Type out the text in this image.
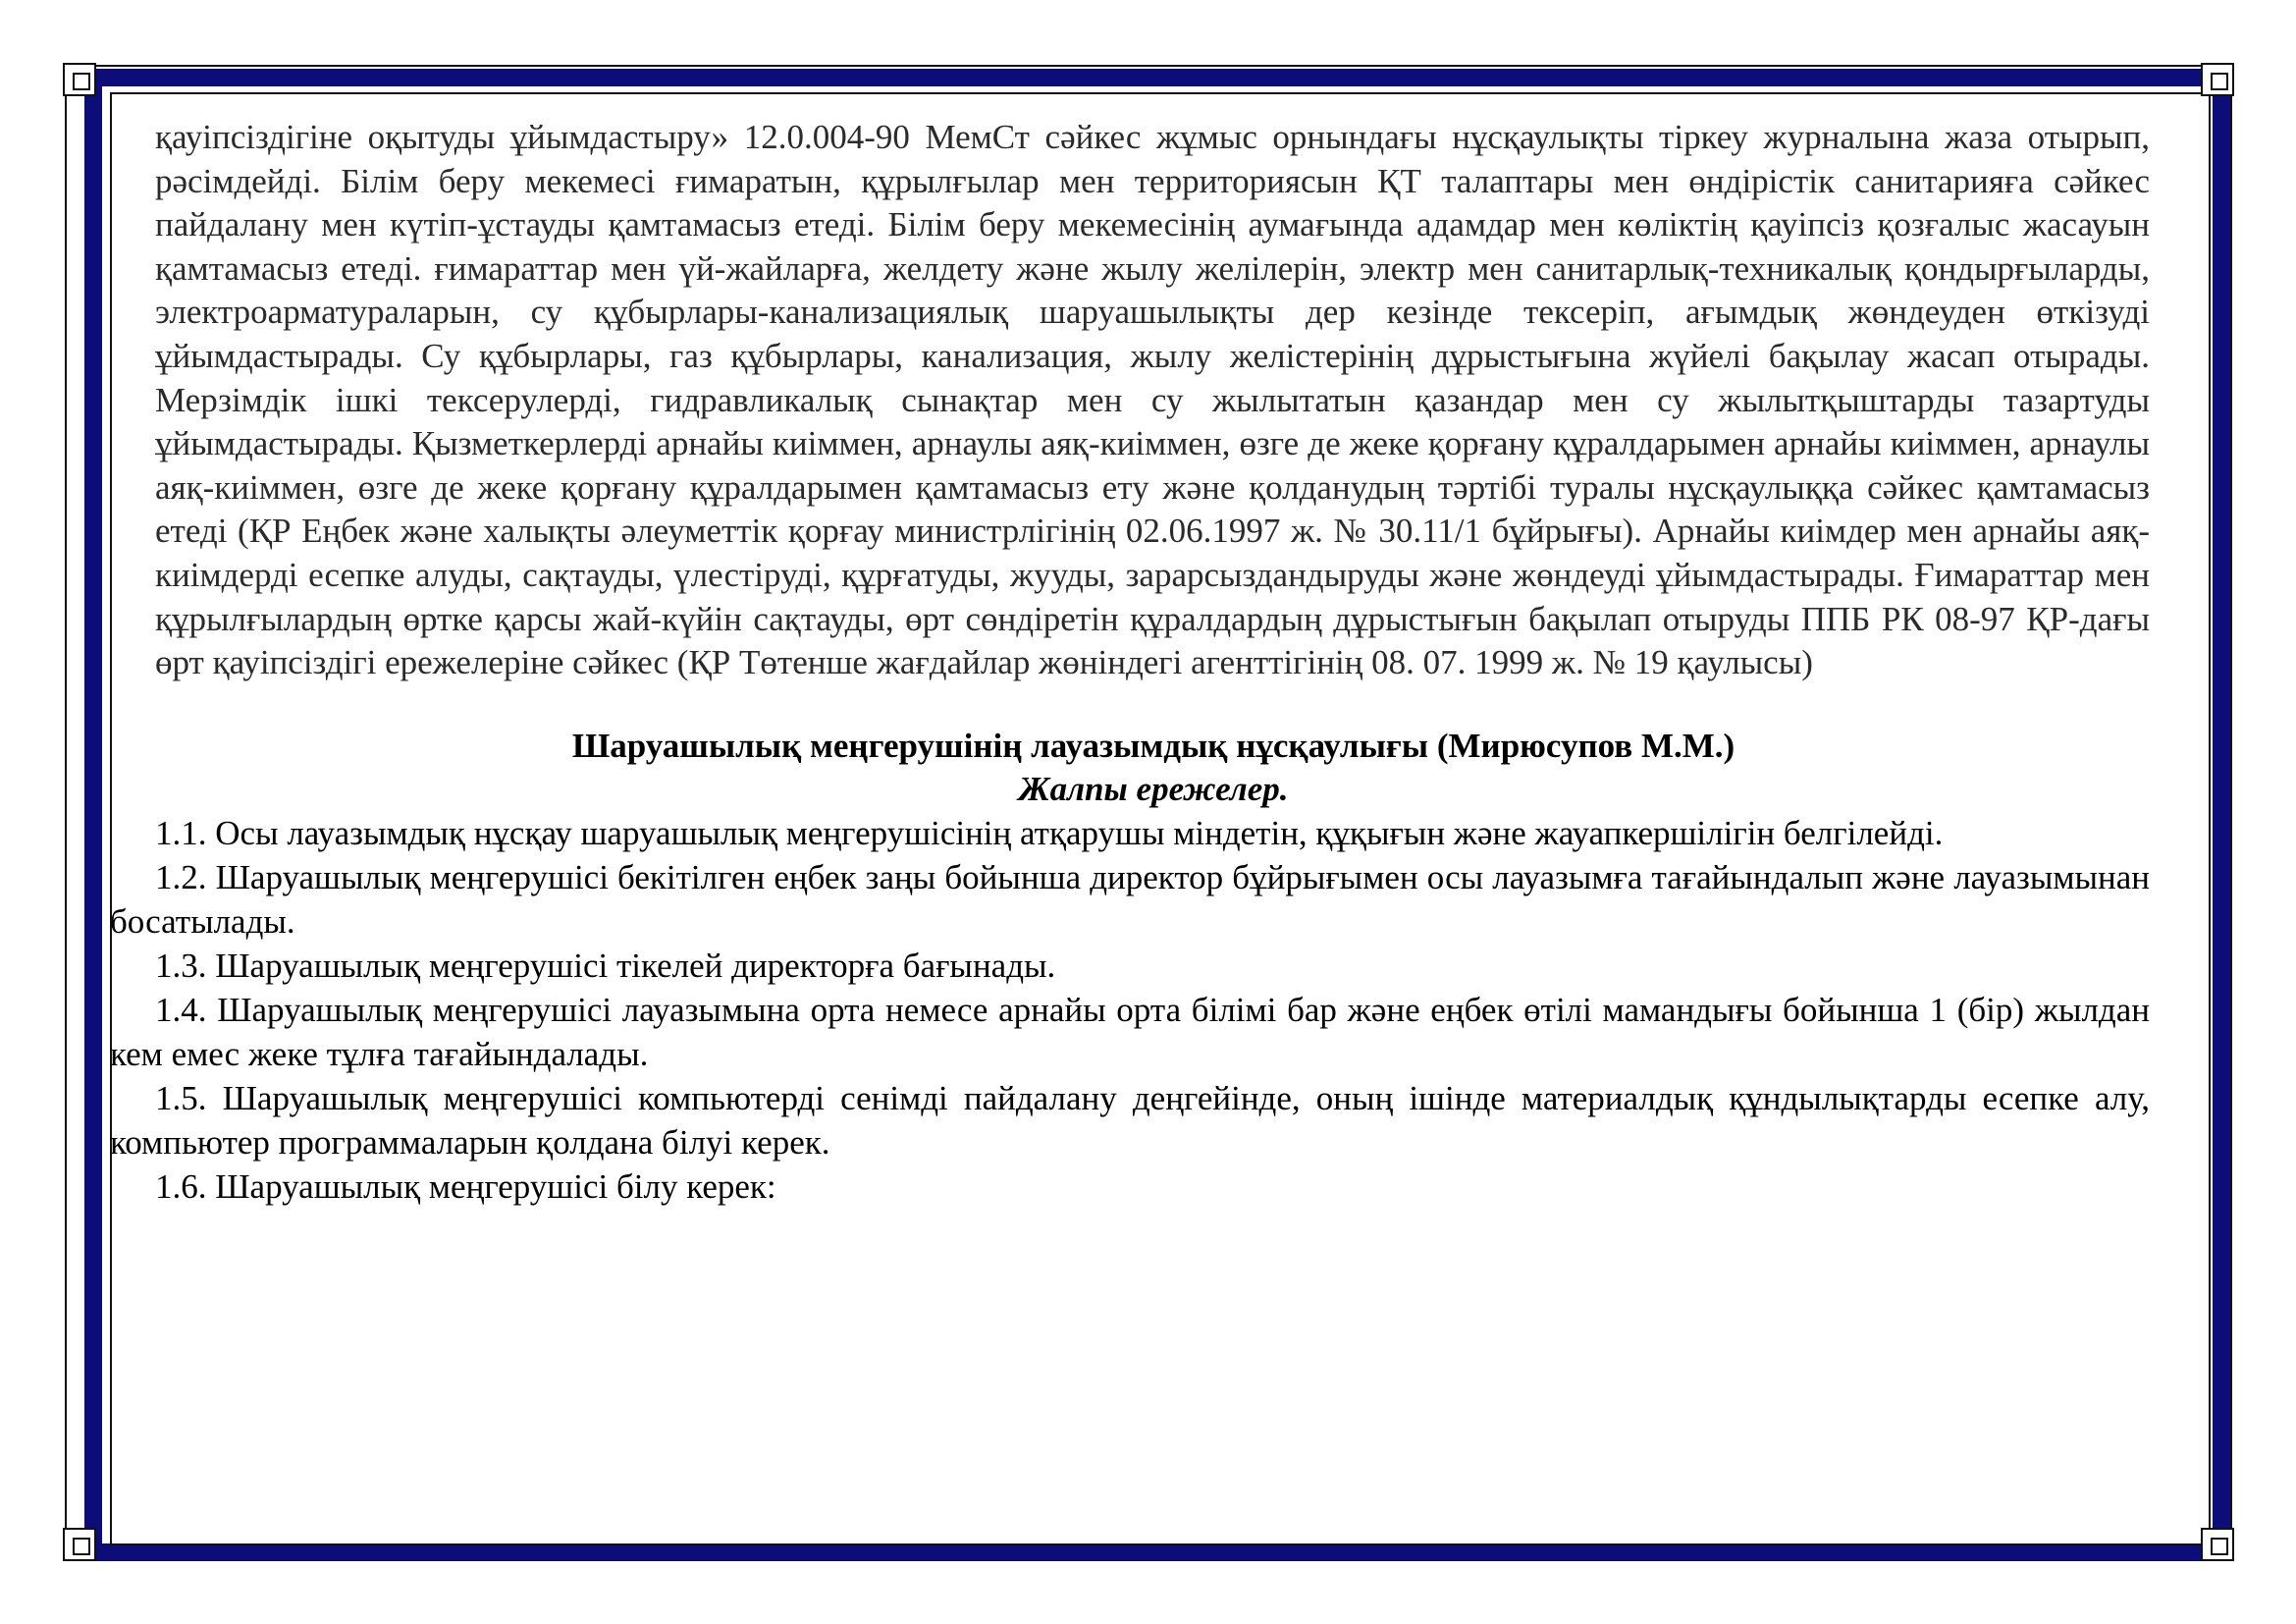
қауіпсіздігіне оқытуды ұйымдастыру» 12.0.004-90 МемСт сәйкес жұмыс орнындағы нұсқаулықты тіркеу журналына жаза отырып, рәсімдейді. Білім беру мекемесі ғимаратын, құрылғылар мен территориясын ҚТ талаптары мен өндірістік санитарияға сәйкес пайдалану мен күтіп-ұстауды қамтамасыз етеді. Білім беру мекемесінің аумағында адамдар мен көліктің қауіпсіз қозғалыс жасауын қамтамасыз етеді. ғимараттар мен үй-жайларға, желдету және жылу желілерін, электр мен санитарлық-техникалық қондырғыларды, электроарматураларын, су құбырлары-канализациялық шаруашылықты дер кезінде тексеріп, ағымдық жөндеуден өткізуді ұйымдастырады. Су құбырлары, газ құбырлары, канализация, жылу желістерінің дұрыстығына жүйелі бақылау жасап отырады. Мерзімдік ішкі тексерулерді, гидравликалық сынақтар мен су жылытатын қазандар мен су жылытқыштарды тазартуды ұйымдастырады. Қызметкерлерді арнайы киіммен, арнаулы аяқ-киіммен, өзге де жеке қорғану құралдарымен арнайы киіммен, арнаулы аяқ-киіммен, өзге де жеке қорғану құралдарымен қамтамасыз ету және қолданудың тәртібі туралы нұсқаулыққа сәйкес қамтамасыз етеді (ҚР Еңбек және халықты әлеуметтік қорғау министрлігінің 02.06.1997 ж. № 30.11/1 бұйрығы). Арнайы киімдер мен арнайы аяқ-киімдерді есепке алуды, сақтауды, үлестіруді, құрғатуды, жууды, зарарсыздандыруды және жөндеуді ұйымдастырады. Ғимараттар мен құрылғылардың өртке қарсы жай-күйін сақтауды, өрт сөндіретін құралдардың дұрыстығын бақылап отыруды ППБ РК 08-97 ҚР-дағы өрт қауіпсіздігі ережелеріне сәйкес (ҚР Төтенше жағдайлар жөніндегі агенттігінің 08. 07. 1999 ж. № 19 қаулысы)

Шаруашылық меңгерушінің лауазымдық нұсқаулығы (Мирюсупов М.М.)

Жалпы ережелер.

1.1. Осы лауазымдық нұсқау шаруашылық меңгерушісінің атқарушы міндетін, құқығын және жауапкершілігін белгілейді.

1.2. Шаруашылық меңгерушісі бекітілген еңбек заңы бойынша директор бұйрығымен осы лауазымға тағайындалып және лауазымынан босатылады.

1.3. Шаруашылық меңгерушісі тікелей директорға бағынады.

1.4. Шаруашылық меңгерушісі лауазымына орта немесе арнайы орта білімі бар және еңбек өтілі мамандығы бойынша 1 (бір) жылдан кем емес жеке тұлға тағайындалады.

1.5. Шаруашылық меңгерушісі компьютерді сенімді пайдалану деңгейінде, оның ішінде материалдық құндылықтарды есепке алу, компьютер программаларын қолдана білуі керек.

1.6. Шаруашылық меңгерушісі білу керек:
